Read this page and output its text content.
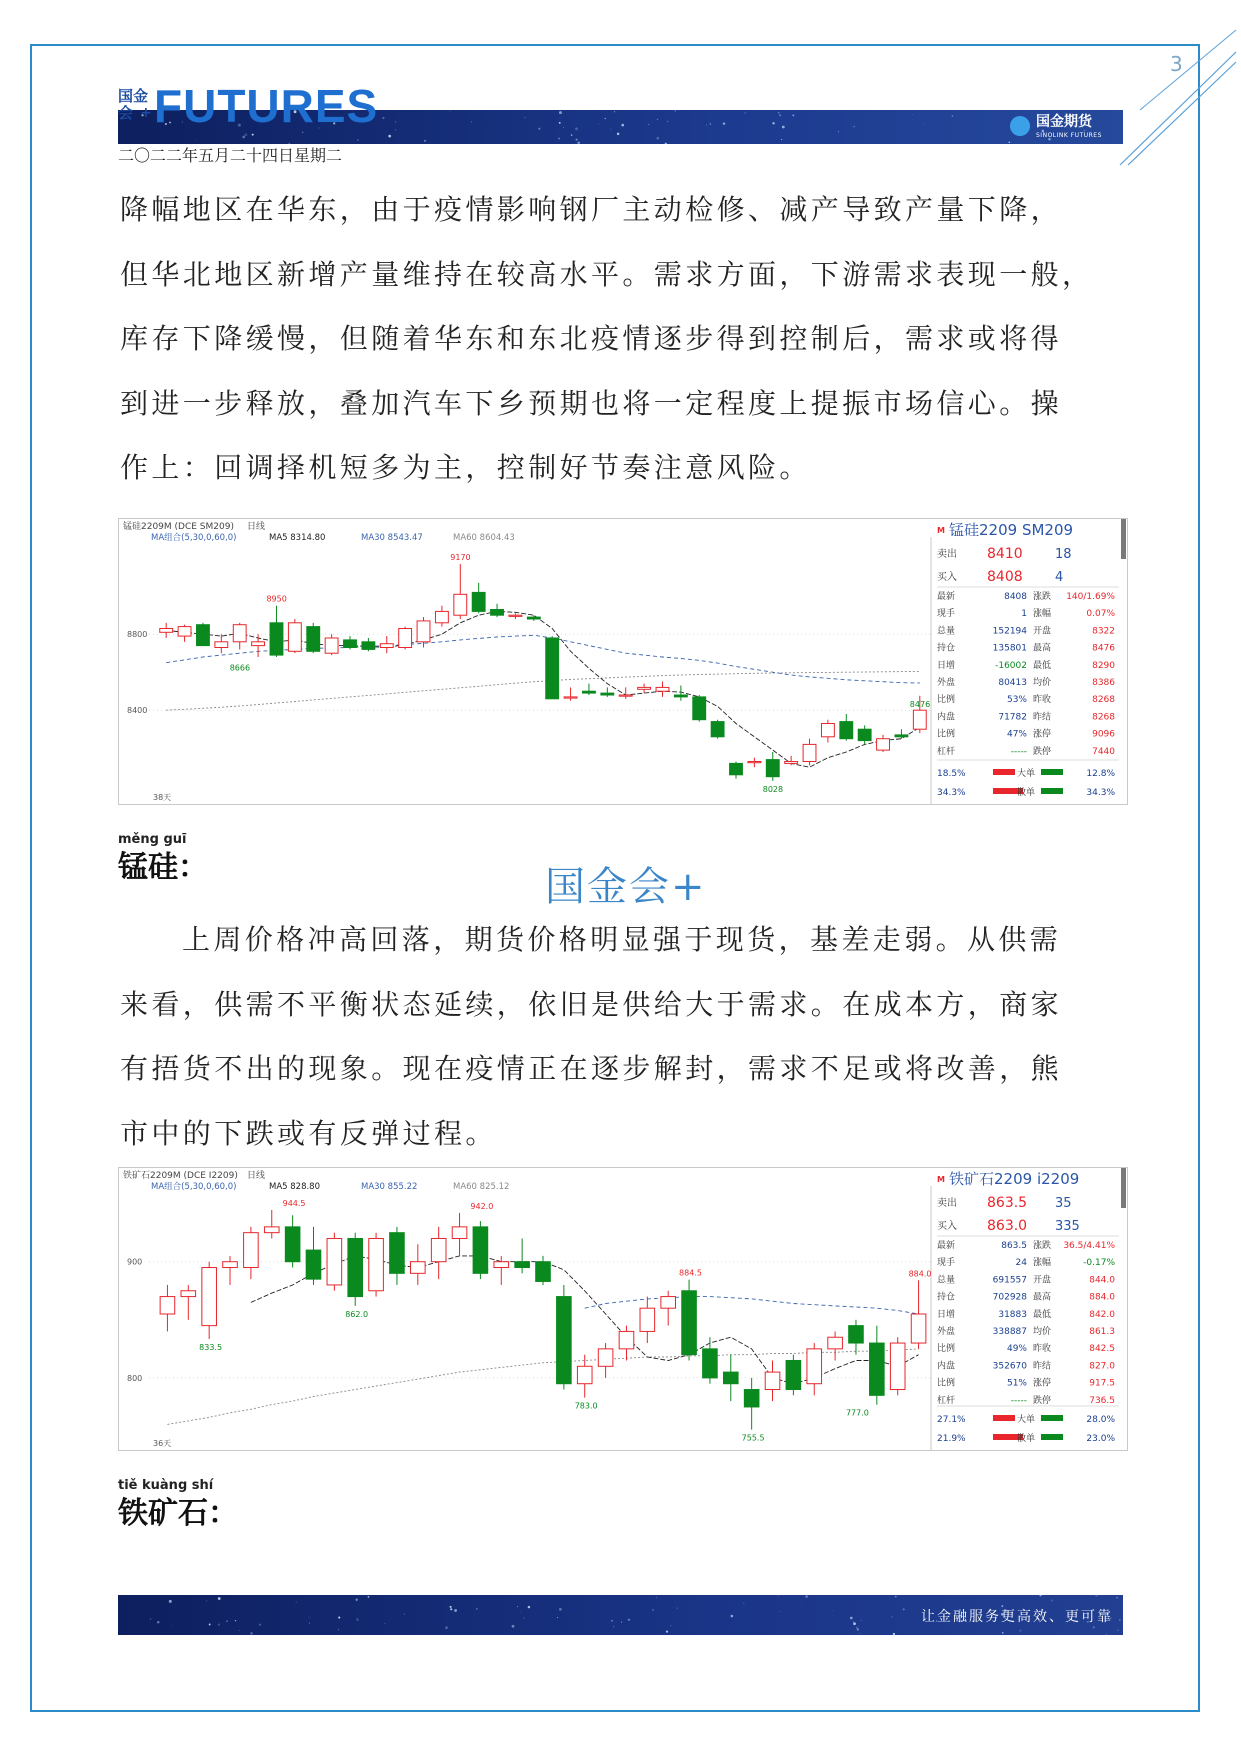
3
国金
会 + FUTURES	国金期货
SINOLINK FUTURES
二〇二二年五月二十四日星期二

降幅地区在华东，由于疫情影响钢厂主动检修、减产导致产量下降，
但华北地区新增产量维持在较高水平。需求方面，下游需求表现一般，
库存下降缓慢，但随着华东和东北疫情逐步得到控制后，需求或将得
到进一步释放，叠加汽车下乡预期也将一定程度上提振市场信心。操
作上：回调择机短多为主，控制好节奏注意风险。

锰硅2209M (DCE SM209) 日线
MA组合(5,30,0,60,0)	MA5 8314.80	MA30 8543.47	MA60 8604.43
8800
8400
38天
9170
8950
8666
8476
8028
M 锰硅2209 SM209
卖出 8410 18
买入 8408 4
最新	8408 涨跌 140/1.69%
现手	1 涨幅	0.07%
总量	152194 开盘	8322
持仓	135801 最高	8476
日增	-16002 最低	8290
外盘	80413 均价	8386
比例	53% 昨收	8268
内盘	71782 昨结	8268
比例	47% 涨停	9096
杠杆	----- 跌停	7440
18.5%	大单	12.8%
34.3%	散单	34.3%
měng guī
锰硅：	国金会+

上周价格冲高回落，期货价格明显强于现货，基差走弱。从供需
来看，供需不平衡状态延续，依旧是供给大于需求。在成本方，商家
有捂货不出的现象。现在疫情正在逐步解封，需求不足或将改善，熊
市中的下跌或有反弹过程。

铁矿石2209M (DCE I2209) 日线
MA组合(5,30,0,60,0)	MA5 828.80	MA30 855.22	MA60 825.12
900
800
36天
944.5	942.0
833.5
862.0
884.5
783.0
755.5
777.0
884.0
M 铁矿石2209 i2209
卖出 863.5 35
买入 863.0 335
最新	863.5 涨跌 36.5/4.41%
现手	24 涨幅	-0.17%
总量	691557 开盘	844.0
持仓	702928 最高	884.0
日增	31883 最低	842.0
外盘	338887 均价	861.3
比例	49% 昨收	842.5
内盘	352670 昨结	827.0
比例	51% 涨停	917.5
杠杆	----- 跌停	736.5
27.1%	大单	28.0%
21.9%	散单	23.0%
tiě kuàng shí
铁矿石：
让金融服务更高效、更可靠
